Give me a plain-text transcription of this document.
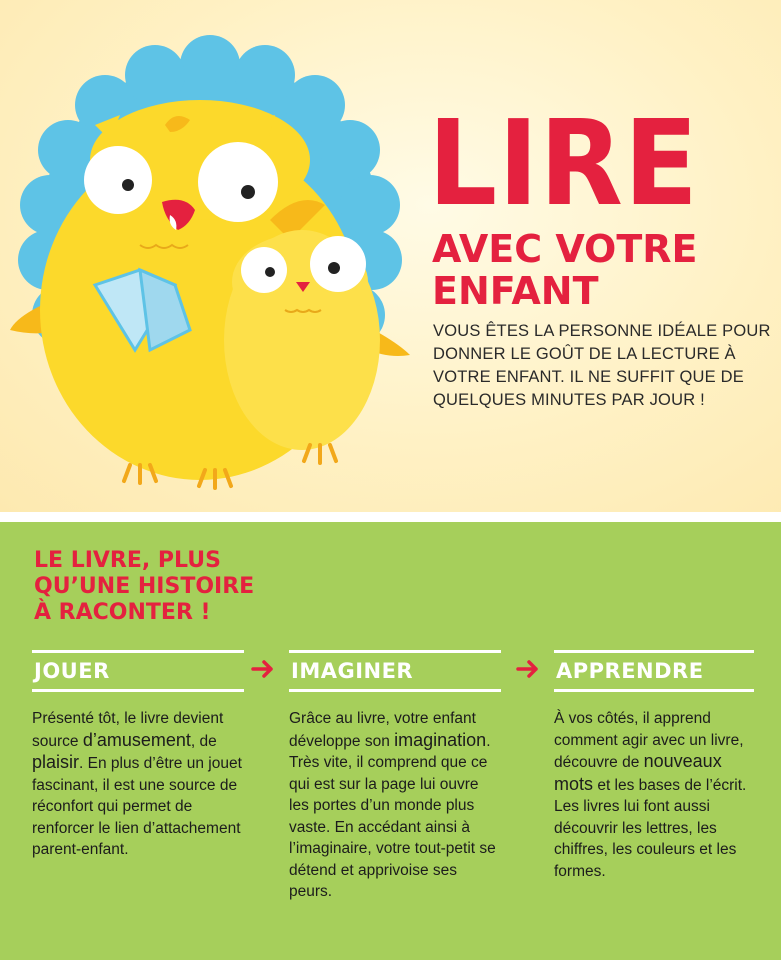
LIRE
AVEC VOTRE
ENFANT

VOUS ÊTES LA PERSONNE IDÉALE POUR DONNER LE GOÛT DE LA LECTURE À VOTRE ENFANT. IL NE SUFFIT QUE DE QUELQUES MINUTES PAR JOUR !

LE LIVRE, PLUS
QU’UNE HISTOIRE
À RACONTER !
JOUER

Présenté tôt, le livre devient source d’amusement, de plaisir. En plus d’être un jouet fascinant, il est une source de réconfort qui permet de renforcer le lien d’attachement parent-enfant.

IMAGINER

Grâce au livre, votre enfant développe son imagination. Très vite, il comprend que ce qui est sur la page lui ouvre les portes d’un monde plus vaste. En accédant ainsi à l’imaginaire, votre tout-petit se détend et apprivoise ses peurs.

APPRENDRE

À vos côtés, il apprend comment agir avec un livre, découvre de nouveaux mots et les bases de l’écrit. Les livres lui font aussi découvrir les lettres, les chiffres, les couleurs et les formes.
